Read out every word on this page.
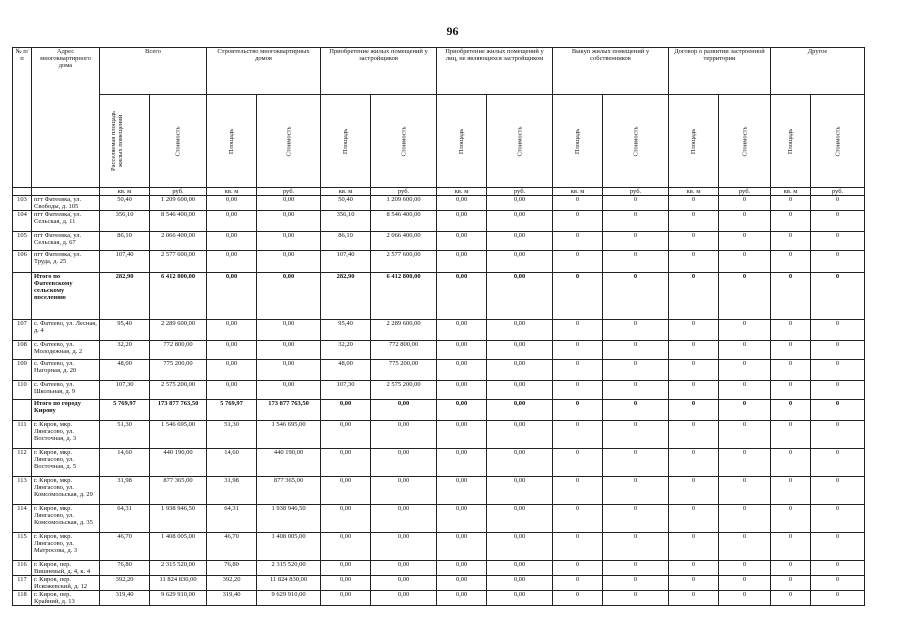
96
№ п/п	Адрес многоквартирного дома	Всего		Строительство многоквартирных домов		Приобретение жилых помещений у застройщиков		Приобретение жилых помещений у лиц, не являющихся застройщиком		Выкуп жилых помещений у собственников		Договор о развитии застроенной территории		Другое	

		Расселяемая площадь жилых помещений	Стоимость	Площадь	Стоимость	Площадь	Стоимость	Площадь	Стоимость	Площадь	Стоимость	Площадь	Стоимость	Площадь	Стоимость
		кв. м	руб.	кв. м	руб.	кв. м	руб.	кв. м	руб.	кв. м	руб.	кв. м	руб.	кв. м	руб.
103	пгт Фатеевка, ул. Свободы, д. 105	50,40	1 209 600,00	0,00	0,00	50,40	1 209 600,00	0,00	0,00	0	0	0	0	0	0
104	пгт Фатеевка, ул. Сельская, д. 11	356,10	8 546 400,00	0,00	0,00	356,10	8 546 400,00	0,00	0,00	0	0	0	0	0	0
105	пгт Фатеевка, ул. Сельская, д. 67	86,10	2 066 400,00	0,00	0,00	86,10	2 066 400,00	0,00	0,00	0	0	0	0	0	0
106	пгт Фатеевка, ул. Труда, д. 25	107,40	2 577 600,00	0,00	0,00	107,40	2 577 600,00	0,00	0,00	0	0	0	0	0	0
	Итого по Фатеевскому сельскому поселению	282,90	6 412 800,00	0,00	0,00	282,90	6 412 800,00	0,00	0,00	0	0	0	0	0	0
107	с. Фатеево, ул. Лесная, д. 4	95,40	2 289 600,00	0,00	0,00	95,40	2 289 600,00	0,00	0,00	0	0	0	0	0	0
108	с. Фатеево, ул. Молодежная, д. 2	32,20	772 800,00	0,00	0,00	32,20	772 800,00	0,00	0,00	0	0	0	0	0	0
109	с. Фатеево, ул. Нагорная, д. 20	48,00	775 200,00	0,00	0,00	48,00	775 200,00	0,00	0,00	0	0	0	0	0	0
110	с. Фатеево, ул. Школьная, д. 9	107,30	2 575 200,00	0,00	0,00	107,30	2 575 200,00	0,00	0,00	0	0	0	0	0	0
	Итого по городу Кирову	5 769,97	173 877 763,50	5 769,97	173 877 763,50	0,00	0,00	0,00	0,00	0	0	0	0	0	0
111	г. Киров, мкр. Лянгасово, ул. Восточная, д. 3	51,30	1 546 695,00	51,30	1 546 695,00	0,00	0,00	0,00	0,00	0	0	0	0	0	0
112	г. Киров, мкр. Лянгасово, ул. Восточная, д. 5	14,60	440 190,00	14,60	440 190,00	0,00	0,00	0,00	0,00	0	0	0	0	0	0
113	г. Киров, мкр. Лянгасово, ул. Комсомольская, д. 29	31,98	877 365,00	31,98	877 365,00	0,00	0,00	0,00	0,00	0	0	0	0	0	0
114	г. Киров, мкр. Лянгасово, ул. Комсомольская, д. 35	64,31	1 938 946,50	64,31	1 938 946,50	0,00	0,00	0,00	0,00	0	0	0	0	0	0
115	г. Киров, мкр. Лянгасово, ул. Матросова, д. 3	46,70	1 408 005,00	46,70	1 408 005,00	0,00	0,00	0,00	0,00	0	0	0	0	0	0
116	г. Киров, пер. Вишневый, д. 4, к. 4	76,80	2 315 520,00	76,80	2 315 520,00	0,00	0,00	0,00	0,00	0	0	0	0	0	0
117	г. Киров, пер. Искожевский, д. 12	392,20	11 824 830,00	392,20	11 824 830,00	0,00	0,00	0,00	0,00	0	0	0	0	0	0
118	г. Киров, пер. Крайний, д. 13	319,40	9 629 910,00	319,40	9 629 910,00	0,00	0,00	0,00	0,00	0	0	0	0	0	0
